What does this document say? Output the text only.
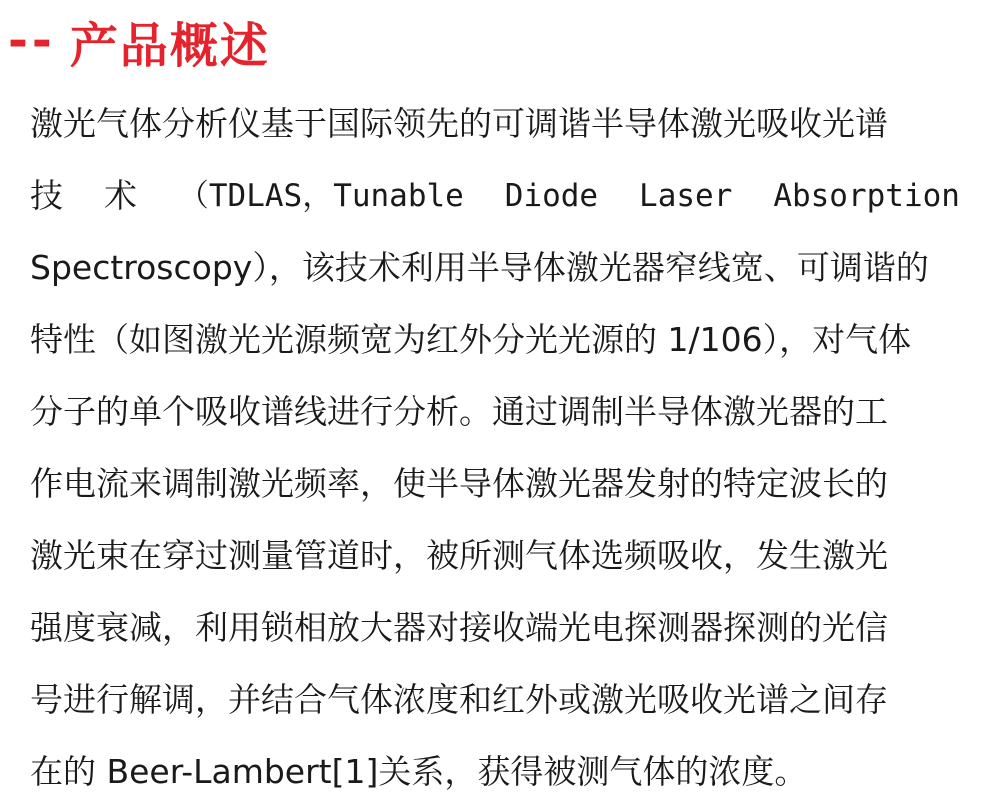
-- 产品概述
激光气体分析仪基于国际领先的可调谐半导体激光吸收光谱
技 术 （TDLAS，Tunable Diode Laser Absorption
Spectroscopy），该技术利用半导体激光器窄线宽、可调谐的
特性（如图激光光源频宽为红外分光光源的 1/106），对气体
分子的单个吸收谱线进行分析。通过调制半导体激光器的工
作电流来调制激光频率，使半导体激光器发射的特定波长的
激光束在穿过测量管道时，被所测气体选频吸收，发生激光
强度衰减，利用锁相放大器对接收端光电探测器探测的光信
号进行解调，并结合气体浓度和红外或激光吸收光谱之间存
在的 Beer-Lambert[1]关系，获得被测气体的浓度。
